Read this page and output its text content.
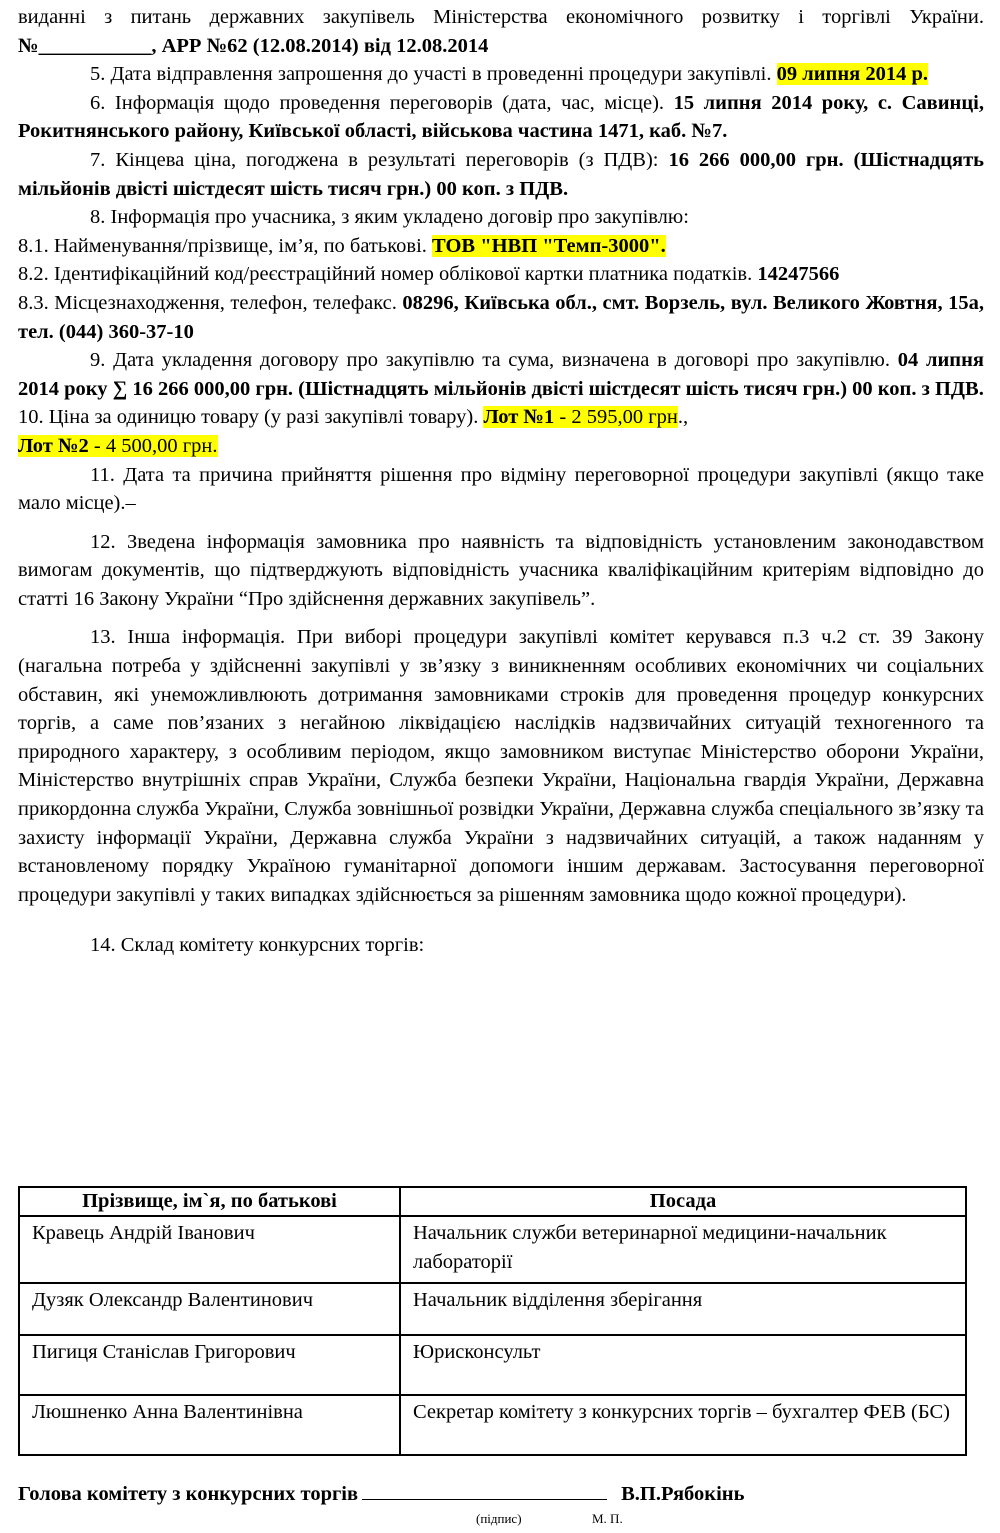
виданні з питань державних закупівель Міністерства економічного розвитку і торгівлі України. №___________, АРР №62 (12.08.2014) від 12.08.2014

5. Дата відправлення запрошення до участі в проведенні процедури закупівлі. 09 липня 2014 р.

6. Інформація щодо проведення переговорів (дата, час, місце). 15 липня 2014 року, с. Савинці, Рокитнянського району, Київської області, військова частина 1471, каб. №7.

7. Кінцева ціна, погоджена в результаті переговорів (з ПДВ): 16 266 000,00 грн. (Шістнадцять мільйонів двісті шістдесят шість тисяч грн.) 00 коп. з ПДВ.

8. Інформація про учасника, з яким укладено договір про закупівлю:

8.1. Найменування/прізвище, ім’я, по батькові. ТОВ "НВП "Темп-3000".

8.2. Ідентифікаційний код/реєстраційний номер облікової картки платника податків. 14247566

8.3. Місцезнаходження, телефон, телефакс. 08296, Київська обл., смт. Ворзель, вул. Великого Жовтня, 15а, тел. (044) 360-37-10

9. Дата укладення договору про закупівлю та сума, визначена в договорі про закупівлю. 04 липня 2014 року ∑ 16 266 000,00 грн. (Шістнадцять мільйонів двісті шістдесят шість тисяч грн.) 00 коп. з ПДВ.

10. Ціна за одиницю товару (у разі закупівлі товару). Лот №1 - 2 595,00 грн.,
Лот №2 - 4 500,00 грн.

11. Дата та причина прийняття рішення про відміну переговорної процедури закупівлі (якщо таке мало місце).–

12. Зведена інформація замовника про наявність та відповідність установленим законодавством вимогам документів, що підтверджують відповідність учасника кваліфікаційним критеріям відповідно до статті 16 Закону України “Про здійснення державних закупівель”.

13. Інша інформація. При виборі процедури закупівлі комітет керувався п.3 ч.2 ст. 39 Закону (нагальна потреба у здійсненні закупівлі у зв’язку з виникненням особливих економічних чи соціальних обставин, які унеможливлюють дотримання замовниками строків для проведення процедур конкурсних торгів, а саме пов’язаних з негайною ліквідацією наслідків надзвичайних ситуацій техногенного та природного характеру, з особливим періодом, якщо замовником виступає Міністерство оборони України, Міністерство внутрішніх справ України, Служба безпеки України, Національна гвардія України, Державна прикордонна служба України, Служба зовнішньої розвідки України, Державна служба спеціального зв’язку та захисту інформації України, Державна служба України з надзвичайних ситуацій, а також наданням у встановленому порядку Україною гуманітарної допомоги іншим державам. Застосування переговорної процедури закупівлі у таких випадках здійснюється за рішенням замовника щодо кожної процедури).

14. Склад комітету конкурсних торгів:

Прізвище, ім`я, по батькові	Посада
Кравець Андрій Іванович	Начальник служби ветеринарної медицини-начальник лабораторії
Дузяк Олександр Валентинович	Начальник відділення зберігання
Пигиця Станіслав Григорович	Юрисконсульт
Люшненко Анна Валентинівна	Секретар комітету з конкурсних торгів – бухгалтер ФЕВ (БС)
Голова комітету з конкурсних торгів	В.П.Рябокінь
(підпис)	М. П.
